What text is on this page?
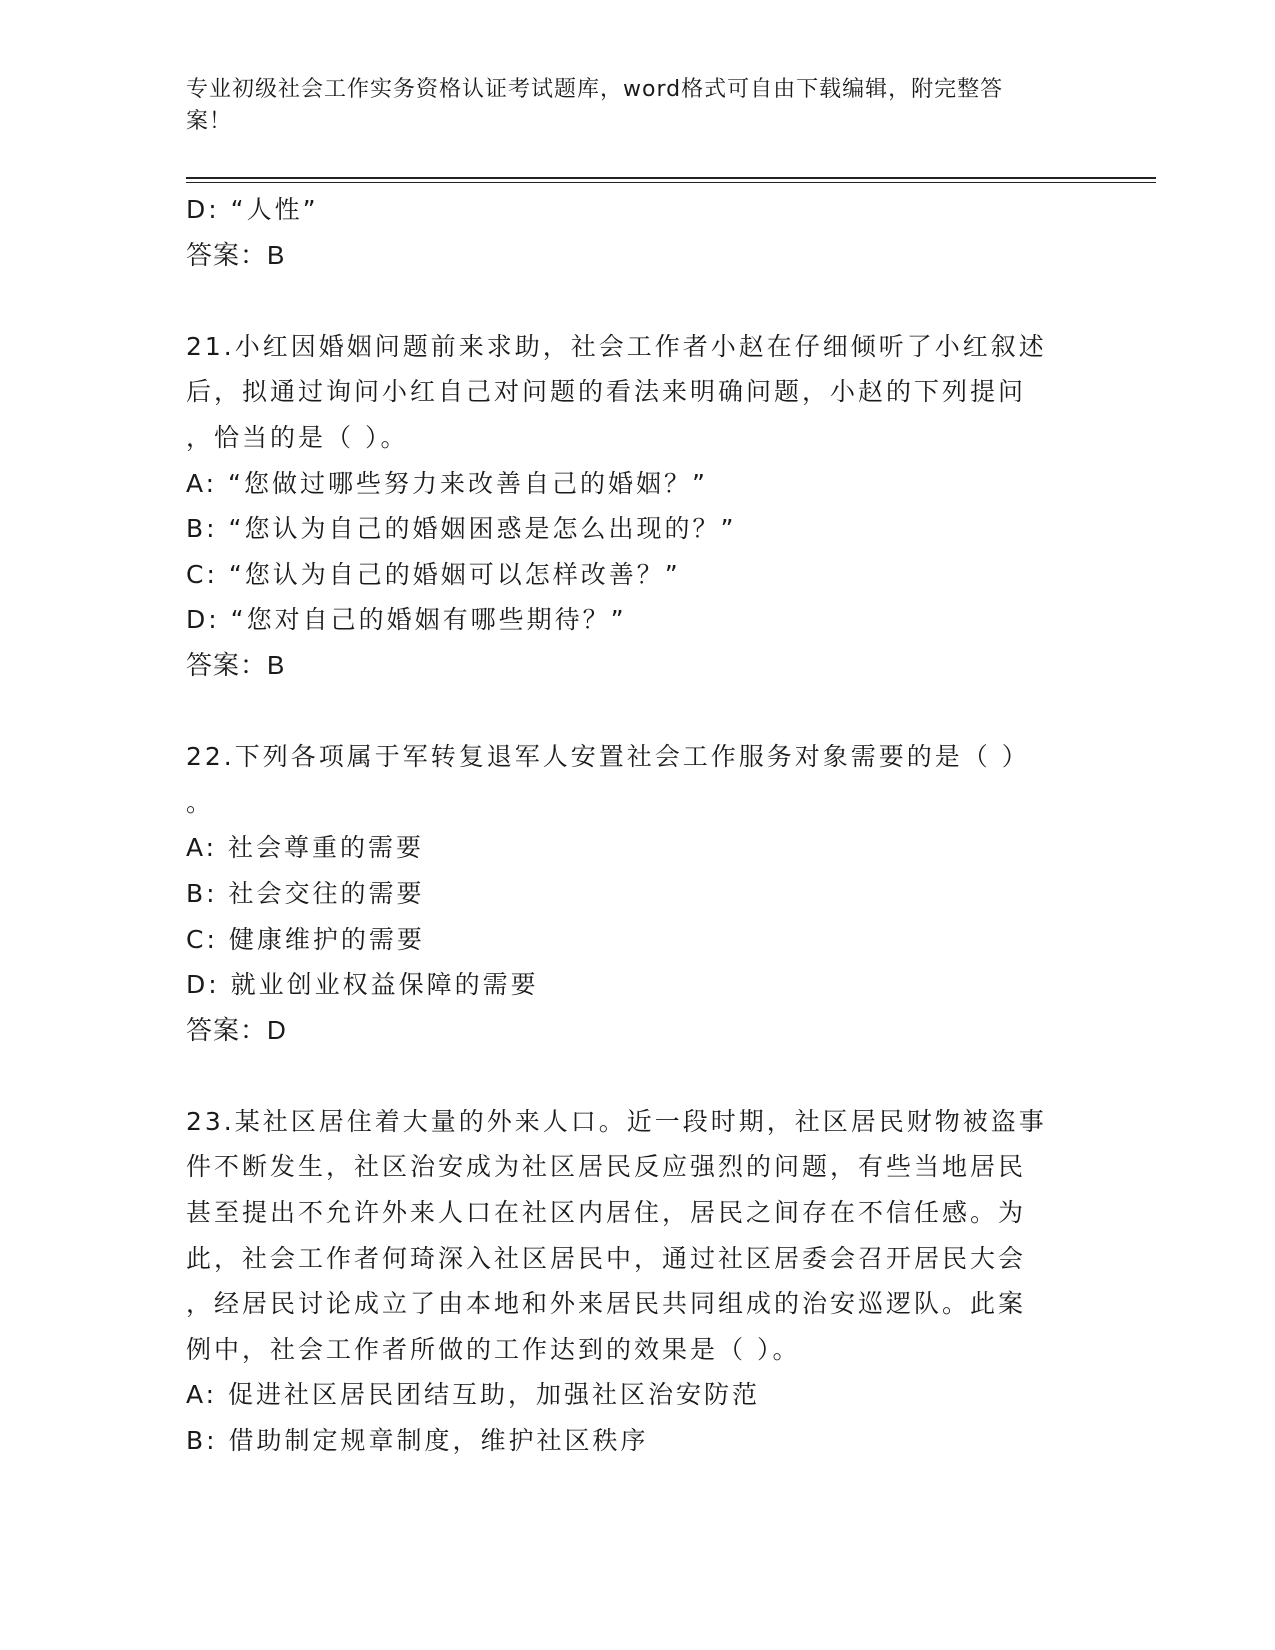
专业初级社会工作实务资格认证考试题库，word格式可自由下载编辑，附完整答
案！
D: “人性”
答案：B
21.小红因婚姻问题前来求助，社会工作者小赵在仔细倾听了小红叙述
后，拟通过询问小红自己对问题的看法来明确问题，小赵的下列提问
，恰当的是（ ）。
A: “您做过哪些努力来改善自己的婚姻？”
B: “您认为自己的婚姻困惑是怎么出现的？”
C: “您认为自己的婚姻可以怎样改善？”
D: “您对自己的婚姻有哪些期待？”
答案：B
22.下列各项属于军转复退军人安置社会工作服务对象需要的是（ ）
。
A: 社会尊重的需要
B: 社会交往的需要
C: 健康维护的需要
D: 就业创业权益保障的需要
答案：D
23.某社区居住着大量的外来人口。近一段时期，社区居民财物被盗事
件不断发生，社区治安成为社区居民反应强烈的问题，有些当地居民
甚至提出不允许外来人口在社区内居住，居民之间存在不信任感。为
此，社会工作者何琦深入社区居民中，通过社区居委会召开居民大会
，经居民讨论成立了由本地和外来居民共同组成的治安巡逻队。此案
例中，社会工作者所做的工作达到的效果是（ ）。
A: 促进社区居民团结互助，加强社区治安防范
B: 借助制定规章制度，维护社区秩序
